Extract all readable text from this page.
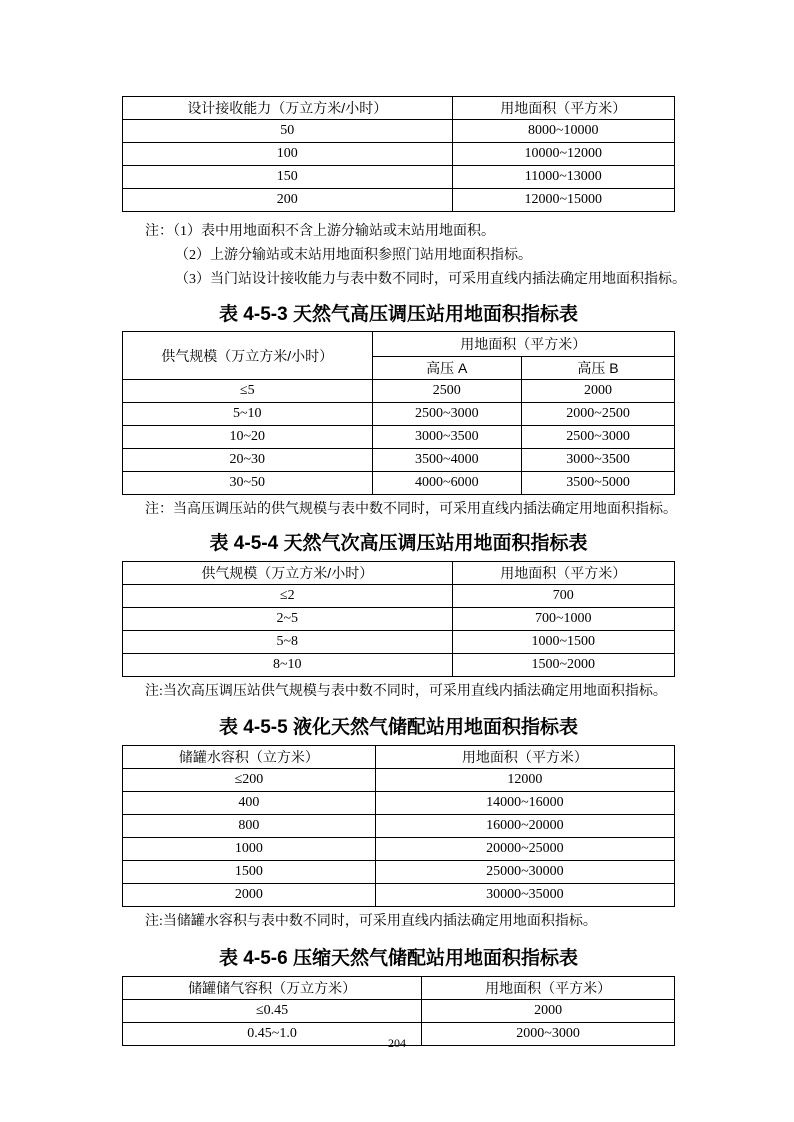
设计接收能力（万立方米/小时）	用地面积（平方米）
50	8000~10000
100	10000~12000
150	11000~13000
200	12000~15000
注：（1）表中用地面积不含上游分输站或末站用地面积。
（2）上游分输站或末站用地面积参照门站用地面积指标。
（3）当门站设计接收能力与表中数不同时，可采用直线内插法确定用地面积指标。
表 4-5-3 天然气高压调压站用地面积指标表
供气规模（万立方米/小时）	用地面积（平方米）	
	高压 A	高压 B
≤5	2500	2000
5~10	2500~3000	2000~2500
10~20	3000~3500	2500~3000
20~30	3500~4000	3000~3500
30~50	4000~6000	3500~5000
注：当高压调压站的供气规模与表中数不同时，可采用直线内插法确定用地面积指标。
表 4-5-4 天然气次高压调压站用地面积指标表
供气规模（万立方米/小时）	用地面积（平方米）
≤2	700
2~5	700~1000
5~8	1000~1500
8~10	1500~2000
注:当次高压调压站供气规模与表中数不同时，可采用直线内插法确定用地面积指标。
表 4-5-5 液化天然气储配站用地面积指标表
储罐水容积（立方米）	用地面积（平方米）
≤200	12000
400	14000~16000
800	16000~20000
1000	20000~25000
1500	25000~30000
2000	30000~35000
注:当储罐水容积与表中数不同时，可采用直线内插法确定用地面积指标。
表 4-5-6 压缩天然气储配站用地面积指标表
储罐储气容积（万立方米）	用地面积（平方米）
≤0.45	2000
0.45~1.0	2000~3000
204
